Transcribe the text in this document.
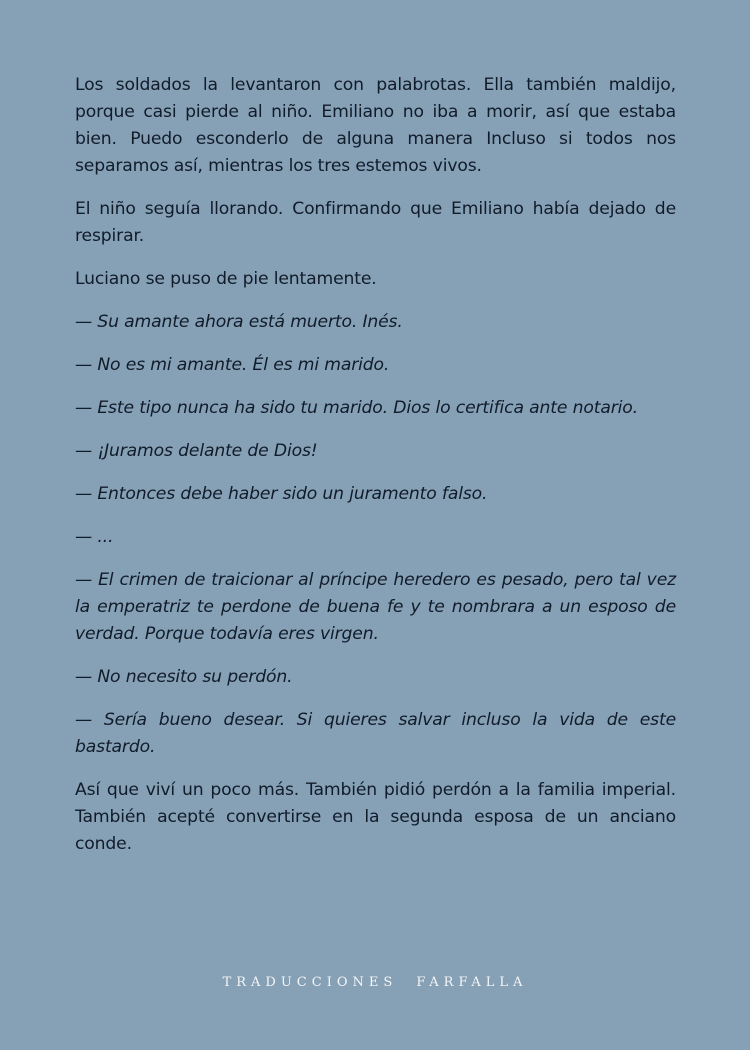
Los soldados la levantaron con palabrotas. Ella también maldijo, porque casi pierde al niño. Emiliano no iba a morir, así que estaba bien. Puedo esconderlo de alguna manera Incluso si todos nos separamos así, mientras los tres estemos vivos.

El niño seguía llorando. Confirmando que Emiliano había dejado de respirar.

Luciano se puso de pie lentamente.

— Su amante ahora está muerto. Inés.

— No es mi amante. Él es mi marido.

— Este tipo nunca ha sido tu marido. Dios lo certifica ante notario.

— ¡Juramos delante de Dios!

— Entonces debe haber sido un juramento falso.

— ...

— El crimen de traicionar al príncipe heredero es pesado, pero tal vez la emperatriz te perdone de buena fe y te nombrara a un esposo de verdad. Porque todavía eres virgen.

— No necesito su perdón.

— Sería bueno desear. Si quieres salvar incluso la vida de este bastardo.

Así que viví un poco más. También pidió perdón a la familia imperial. También acepté convertirse en la segunda esposa de un anciano conde.

TRADUCCIONES FARFALLA
